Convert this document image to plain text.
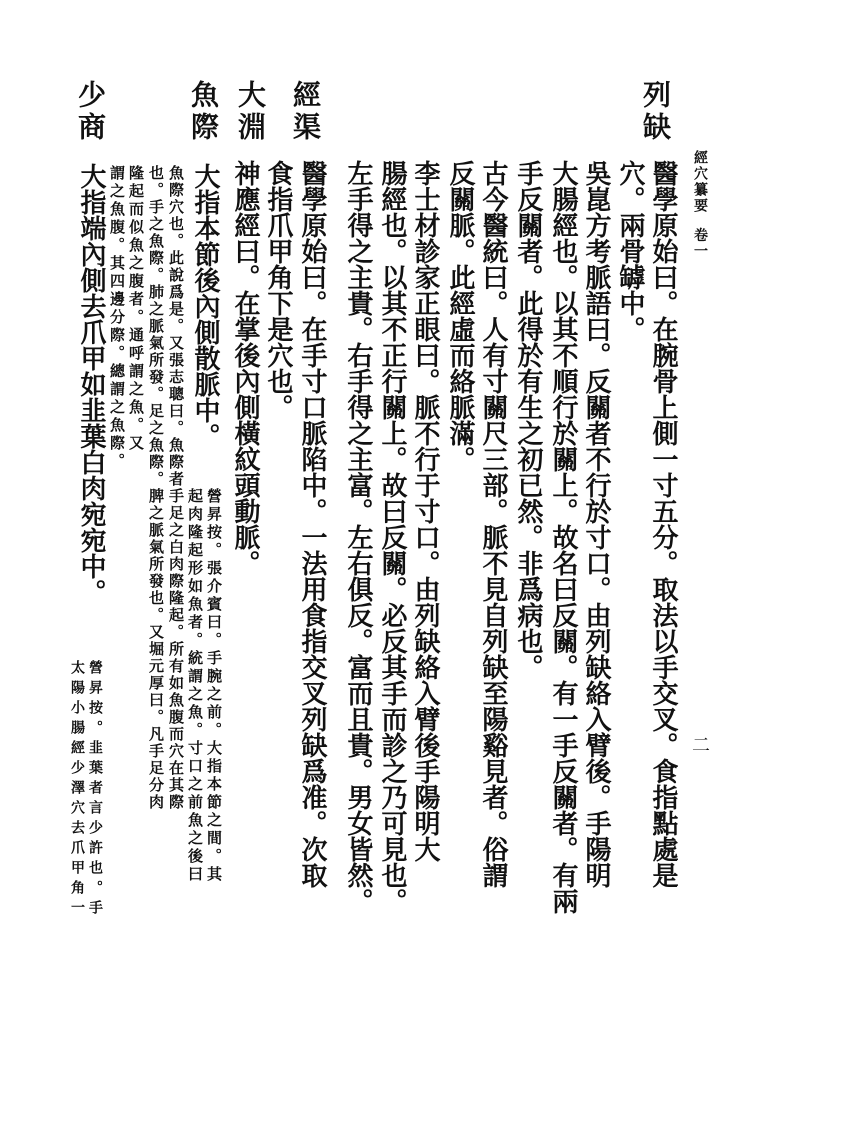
經穴纂要  卷一
二
列缺
醫學原始曰。在腕骨上側一寸五分。取法以手交叉。食指點處是
穴。兩骨罅中。
吳崑方考脈語曰。反關者不行於寸口。由列缺絡入臂後。手陽明
大腸經也。以其不順行於關上。故名曰反關。有一手反關者。有兩
手反關者。此得於有生之初已然。非爲病也。
古今醫統曰。人有寸關尺三部。脈不見自列缺至陽谿見者。俗謂
反關脈。此經虛而絡脈滿。
李士材診家正眼曰。脈不行于寸口。由列缺絡入臂後手陽明大
腸經也。以其不正行關上。故曰反關。必反其手而診之乃可見也。
左手得之主貴。右手得之主富。左右俱反。富而且貴。男女皆然。
經渠
醫學原始曰。在手寸口脈陷中。一法用食指交叉列缺爲准。次取
食指爪甲角下是穴也。
大淵
神應經曰。在掌後內側橫紋頭動脈。
魚際
大指本節後內側散脈中。
營昇按。張介賓曰。手腕之前。大指本節之間。其
起肉隆起形如魚者。統謂之魚。寸口之前魚之後曰
魚際穴也。此說爲是。又張志聰曰。魚際者手足之白肉際隆起。所有如魚腹而穴在其際
也。手之魚際。肺之脈氣所發。足之魚際。脾之脈氣所發也。又堀元厚曰。凡手足分肉
隆起而似魚之腹者。通呼謂之魚。又
謂之魚腹。其四邊分際。總謂之魚際。
少商
大指端內側去爪甲如韭葉白肉宛宛中。
營昇按。韭葉者言少許也。手
太陽小腸經少澤穴去爪甲角一
